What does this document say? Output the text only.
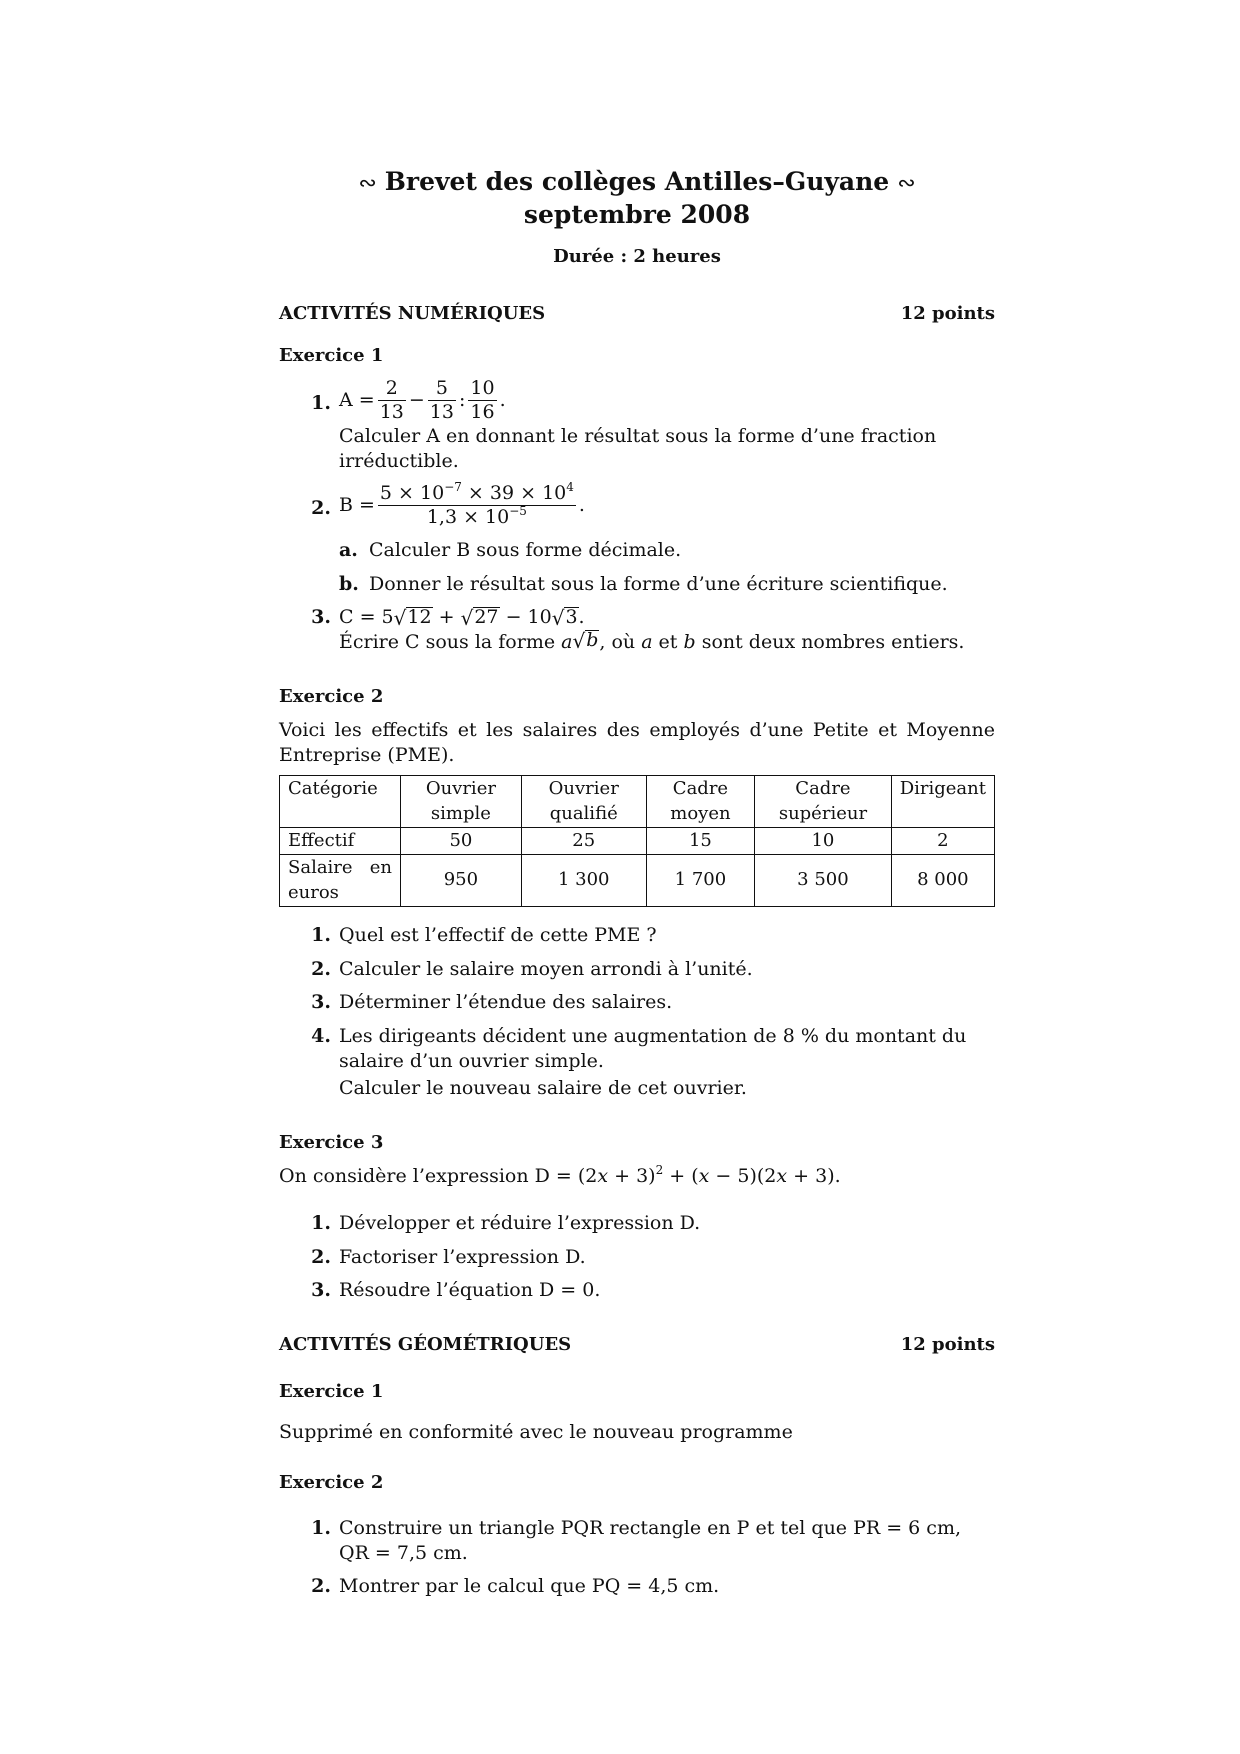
∾ Brevet des collèges Antilles–Guyane ∾
septembre 2008
Durée : 2 heures
ACTIVITÉS NUMÉRIQUES	12 points
Exercice 1
1. $A = \frac{2}{13} - \frac{5}{13}$ : $\frac{10}{16}$ .
Calculer A en donnant le résultat sous la forme d’une fraction irréductible.
2. $B = \frac{5 \times 10^{-7} \times 39 \times 10^4}{1,3 \times 10^{-5}}$ .
a. Calculer B sous forme décimale.
b. Donner le résultat sous la forme d’une écriture scientifique.
3. C = 5 √ 12
+
√ 27
− 10 √ 3 .
Écrire C sous la forme a √ b , où a et b sont deux nombres entiers.
Exercice 2
Voici les effectifs et les salaires des employés d’une Petite et Moyenne Entreprise (PME).
Catégorie	Ouvrier simple	Ouvrier qualifié	Cadre moyen	Cadre supérieur	Dirigeant
Effectif	50	25	15	10	2
Salaire en euros	950	1 300	1 700	3 500	8 000
1. Quel est l’effectif de cette PME ?
2. Calculer le salaire moyen arrondi à l’unité.
3. Déterminer l’étendue des salaires.
4. Les dirigeants décident une augmentation de 8 % du montant du salaire d’un ouvrier simple.
Calculer le nouveau salaire de cet ouvrier.
Exercice 3
On considère l’expression $D = (2x + 3)^2 + (x - 5)(2x + 3)$.
1. Développer et réduire l’expression D.
2. Factoriser l’expression D.
3. Résoudre l’équation D = 0.
ACTIVITÉS GÉOMÉTRIQUES	12 points
Exercice 1
Supprimé en conformité avec le nouveau programme
Exercice 2
1. Construire un triangle PQR rectangle en P et tel que PR = 6 cm, QR = 7,5 cm.
2. Montrer par le calcul que PQ = 4,5 cm.
